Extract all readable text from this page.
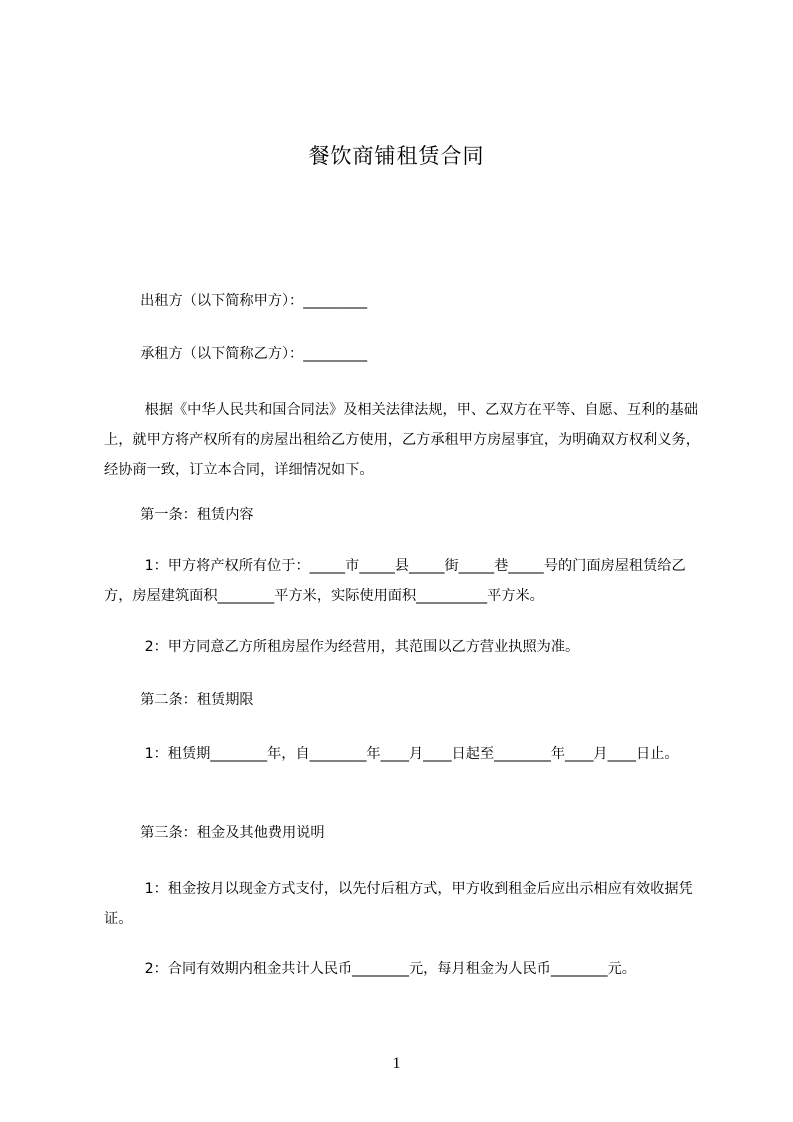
餐饮商铺租赁合同
出租方（以下简称甲方）：_________
承租方（以下简称乙方）：_________
根据《中华人民共和国合同法》及相关法律法规，甲、乙双方在平等、自愿、互利的基础上，就甲方将产权所有的房屋出租给乙方使用，乙方承租甲方房屋事宜，为明确双方权利义务，经协商一致，订立本合同，详细情况如下。
第一条：租赁内容
1：甲方将产权所有位于：_____市_____县_____街_____巷_____号的门面房屋租赁给乙方，房屋建筑面积________平方米，实际使用面积__________平方米。
2：甲方同意乙方所租房屋作为经营用，其范围以乙方营业执照为准。
第二条：租赁期限
1：租赁期________年，自________年____月____日起至________年____月____日止。
第三条：租金及其他费用说明
1：租金按月以现金方式支付，以先付后租方式，甲方收到租金后应出示相应有效收据凭证。
2：合同有效期内租金共计人民币________元，每月租金为人民币________元。
1
